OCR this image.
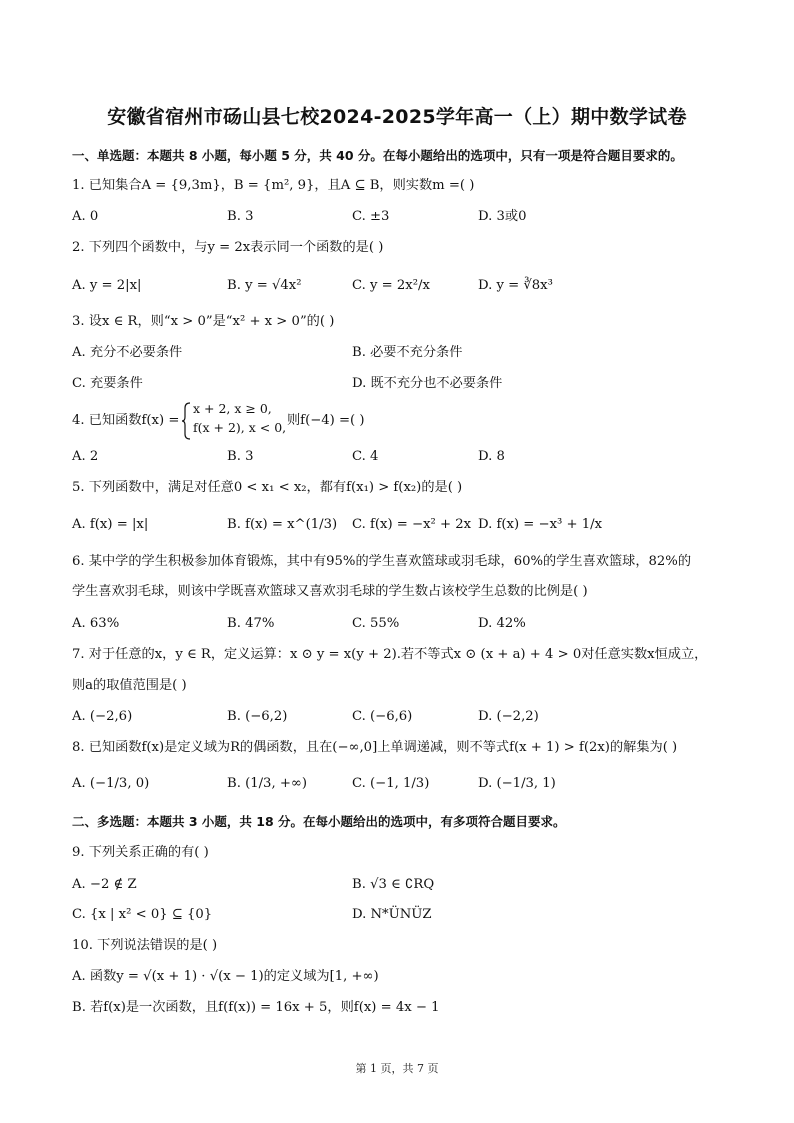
安徽省宿州市砀山县七校2024-2025学年高一（上）期中数学试卷
一、单选题：本题共 8 小题，每小题 5 分，共 40 分。在每小题给出的选项中，只有一项是符合题目要求的。
1. 已知集合A = {9,3m}，B = {m², 9}，且A ⊆ B，则实数m =( )
A. 0	B. 3	C. ±3	D. 3或0
2. 下列四个函数中，与y = 2x表示同一个函数的是( )
A. y = 2|x|	B. y = √4x²	C. y = 2x²/x	D. y = ∛8x³
3. 设x ∈ R，则“x > 0”是“x² + x > 0”的( )
A. 充分不必要条件	B. 必要不充分条件
C. 充要条件	D. 既不充分也不必要条件
4. 已知函数f(x) =
x + 2, x ≥ 0,
f(x + 2), x < 0, 则f(−4) =( )
A. 2	B. 3	C. 4	D. 8
5. 下列函数中，满足对任意0 < x₁ < x₂，都有f(x₁) > f(x₂)的是( )
A. f(x) = |x|	B. f(x) = x^(1/3) C. f(x) = −x² + 2x D. f(x) = −x³ + 1/x
6. 某中学的学生积极参加体育锻炼，其中有95%的学生喜欢篮球或羽毛球，60%的学生喜欢篮球，82%的
学生喜欢羽毛球，则该中学既喜欢篮球又喜欢羽毛球的学生数占该校学生总数的比例是( )
A. 63%	B. 47%	C. 55%	D. 42%
7. 对于任意的x，y ∈ R，定义运算：x ⊙ y = x(y + 2).若不等式x ⊙ (x + a) + 4 > 0对任意实数x恒成立，
则a的取值范围是( )
A. (−2,6)	B. (−6,2)	C. (−6,6)	D. (−2,2)
8. 已知函数f(x)是定义域为R的偶函数，且在(−∞,0]上单调递减，则不等式f(x + 1) > f(2x)的解集为( )
A. (−1/3, 0)	B. (1/3, +∞)	C. (−1, 1/3)	D. (−1/3, 1)
二、多选题：本题共 3 小题，共 18 分。在每小题给出的选项中，有多项符合题目要求。
9. 下列关系正确的有( )
A. −2 ∉ Z	B. √3 ∈ ∁RQ
C. {x | x² < 0} ⊆ {0}	D. N*ÜNÜZ
10. 下列说法错误的是( )
A. 函数y = √(x + 1) · √(x − 1)的定义域为[1, +∞)
B. 若f(x)是一次函数，且f(f(x)) = 16x + 5，则f(x) = 4x − 1
第 1 页，共 7 页
